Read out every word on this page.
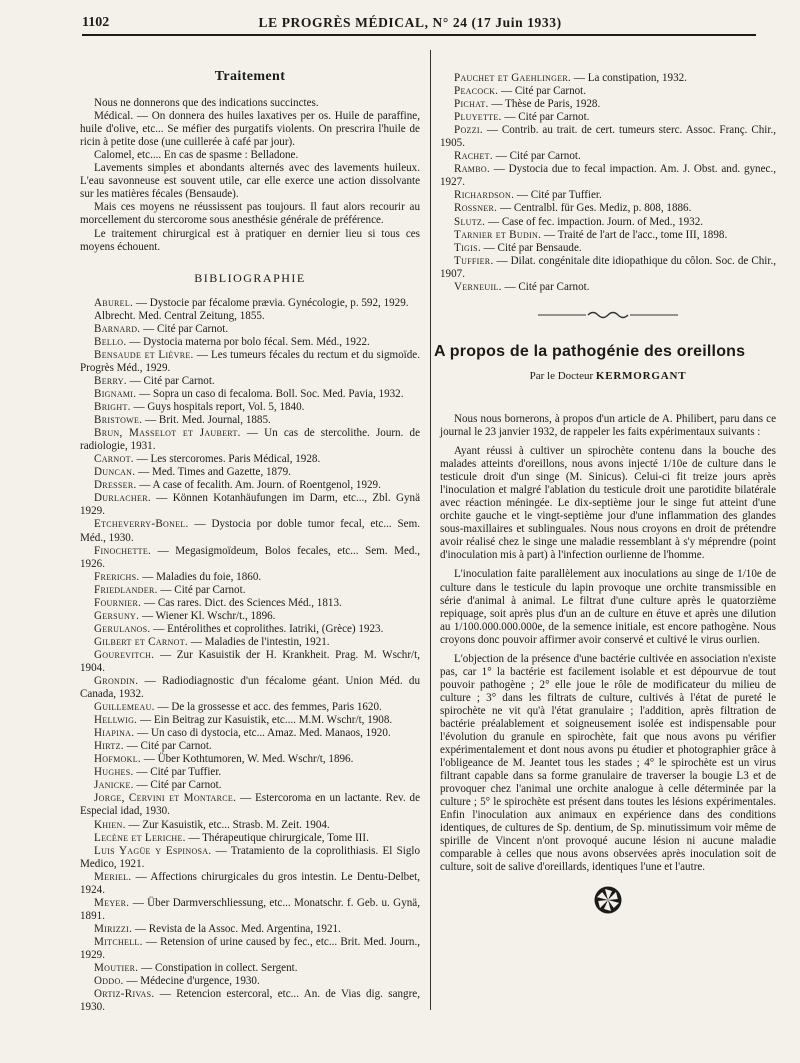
1102	LE PROGRÈS MÉDICAL, N° 24 (17 Juin 1933)
Traitement

Nous ne donnerons que des indications succinctes.

Médical. — On donnera des huiles laxatives per os. Huile de paraffine, huile d'olive, etc... Se méfier des purgatifs violents. On prescrira l'huile de ricin à petite dose (une cuillerée à café par jour).

Calomel, etc.... En cas de spasme : Belladone.

Lavements simples et abondants alternés avec des lavements huileux. L'eau savonneuse est souvent utile, car elle exerce une action dissolvante sur les matières fécales (Bensaude).

Mais ces moyens ne réussissent pas toujours. Il faut alors recourir au morcellement du stercorome sous anesthésie générale de préférence.

Le traitement chirurgical est à pratiquer en dernier lieu si tous ces moyens échouent.

BIBLIOGRAPHIE
Aburel. — Dystocie par fécalome prævia. Gynécologie, p. 592, 1929.
Albrecht. Med. Central Zeitung, 1855.
Barnard. — Cité par Carnot.
Bello. — Dystocia materna por bolo fécal. Sem. Méd., 1922.
Bensaude et Lièvre. — Les tumeurs fécales du rectum et du sigmoïde. Progrès Méd., 1929.
Berry. — Cité par Carnot.
Bignami. — Sopra un caso di fecaloma. Boll. Soc. Med. Pavia, 1932.
Bright. — Guys hospitals report, Vol. 5, 1840.
Bristowe. — Brit. Med. Journal, 1885.
Brun, Masselot et Jaubert. — Un cas de stercolithe. Journ. de radiologie, 1931.
Carnot. — Les stercoromes. Paris Médical, 1928.
Duncan. — Med. Times and Gazette, 1879.
Dresser. — A case of fecalith. Am. Journ. of Roentgenol, 1929.
Durlacher. — Können Kotanhäufungen im Darm, etc..., Zbl. Gynä 1929.
Etcheverry-Bonel. — Dystocia por doble tumor fecal, etc... Sem. Méd., 1930.
Finochette. — Megasigmoïdeum, Bolos fecales, etc... Sem. Med., 1926.
Frerichs. — Maladies du foie, 1860.
Friedlander. — Cité par Carnot.
Fournier. — Cas rares. Dict. des Sciences Méd., 1813.
Gersuny. — Wiener Kl. Wschr/t., 1896.
Gerulanos. — Entérolithes et coprolithes. Iatriki, (Grèce) 1923.
Gilbert et Carnot. — Maladies de l'intestin, 1921.
Gourevitch. — Zur Kasuistik der H. Krankheit. Prag. M. Wschr/t, 1904.
Grondin. — Radiodiagnostic d'un fécalome géant. Union Méd. du Canada, 1932.
Guillemeau. — De la grossesse et acc. des femmes, Paris 1620.
Hellwig. — Ein Beitrag zur Kasuistik, etc.... M.M. Wschr/t, 1908.
Hiapina. — Un caso di dystocia, etc... Amaz. Med. Manaos, 1920.
Hirtz. — Cité par Carnot.
Hofmokl. — Über Kothtumoren, W. Med. Wschr/t, 1896.
Hughes. — Cité par Tuffier.
Janicke. — Cité par Carnot.
Jorge, Cervini et Montarce. — Estercoroma en un lactante. Rev. de Especial idad, 1930.
Khien. — Zur Kasuistik, etc... Strasb. M. Zeit. 1904.
Lecène et Leriche. — Thérapeutique chirurgicale, Tome III.
Luis Yagüe y Espinosa. — Tratamiento de la coprolithiasis. El Siglo Medico, 1921.
Meriel. — Affections chirurgicales du gros intestin. Le Dentu-Delbet, 1924.
Meyer. — Über Darmverschliessung, etc... Monatschr. f. Geb. u. Gynä, 1891.
Mirizzi. — Revista de la Assoc. Med. Argentina, 1921.
Mitchell. — Retension of urine caused by fec., etc... Brit. Med. Journ., 1929.
Moutier. — Constipation in collect. Sergent.
Oddo. — Médecine d'urgence, 1930.
Ortiz-Rivas. — Retencion estercoral, etc... An. de Vias dig. sangre, 1930.
Pauchet et Gaehlinger. — La constipation, 1932.
Peacock. — Cité par Carnot.
Pichat. — Thèse de Paris, 1928.
Pluyette. — Cité par Carnot.
Pozzi. — Contrib. au trait. de cert. tumeurs sterc. Assoc. Franç. Chir., 1905.
Rachet. — Cité par Carnot.
Rambo. — Dystocia due to fecal impaction. Am. J. Obst. and. gynec., 1927.
Richardson. — Cité par Tuffier.
Rossner. — Centralbl. für Ges. Mediz, p. 808, 1886.
Slutz. — Case of fec. impaction. Journ. of Med., 1932.
Tarnier et Budin. — Traité de l'art de l'acc., tome III, 1898.
Tigis. — Cité par Bensaude.
Tuffier. — Dilat. congénitale dite idiopathique du côlon. Soc. de Chir., 1907.
Verneuil. — Cité par Carnot.
A propos de la pathogénie des oreillons
Par le Docteur KERMORGANT

Nous nous bornerons, à propos d'un article de A. Philibert, paru dans ce journal le 23 janvier 1932, de rappeler les faits expérimentaux suivants :

Ayant réussi à cultiver un spirochète contenu dans la bouche des malades atteints d'oreillons, nous avons injecté 1/10e de culture dans le testicule droit d'un singe (M. Sinicus). Celui-ci fit treize jours après l'inoculation et malgré l'ablation du testicule droit une parotidite bilatérale avec réaction méningée. Le dix-septième jour le singe fut atteint d'une orchite gauche et le vingt-septième jour d'une inflammation des glandes sous-maxillaires et sublinguales. Nous nous croyons en droit de prétendre avoir réalisé chez le singe une maladie ressemblant à s'y méprendre (point d'inoculation mis à part) à l'infection ourlienne de l'homme.

L'inoculation faite parallèlement aux inoculations au singe de 1/10e de culture dans le testicule du lapin provoque une orchite transmissible en série d'animal à animal. Le filtrat d'une culture après le quatorzième repiquage, soit après plus d'un an de culture en étuve et après une dilution au 1/100.000.000.000e, de la semence initiale, est encore pathogène. Nous croyons donc pouvoir affirmer avoir conservé et cultivé le virus ourlien.

L'objection de la présence d'une bactérie cultivée en association n'existe pas, car 1° la bactérie est facilement isolable et est dépourvue de tout pouvoir pathogène ; 2° elle joue le rôle de modificateur du milieu de culture ; 3° dans les filtrats de culture, cultivés à l'état de pureté le spirochète ne vit qu'à l'état granulaire ; l'addition, après filtration de bactérie préalablement et soigneusement isolée est indispensable pour l'évolution du granule en spirochète, fait que nous avons pu vérifier expérimentalement et dont nous avons pu étudier et photographier grâce à l'obligeance de M. Jeantet tous les stades ; 4° le spirochète est un virus filtrant capable dans sa forme granulaire de traverser la bougie L3 et de provoquer chez l'animal une orchite analogue à celle déterminée par la culture ; 5° le spirochète est présent dans toutes les lésions expérimentales. Enfin l'inoculation aux animaux en expérience dans des conditions identiques, de cultures de Sp. dentium, de Sp. minutissimum voir même de spirille de Vincent n'ont provoqué aucune lésion ni aucune maladie comparable à celles que nous avons observées après inoculation soit de culture, soit de salive d'oreillards, identiques l'une et l'autre.
